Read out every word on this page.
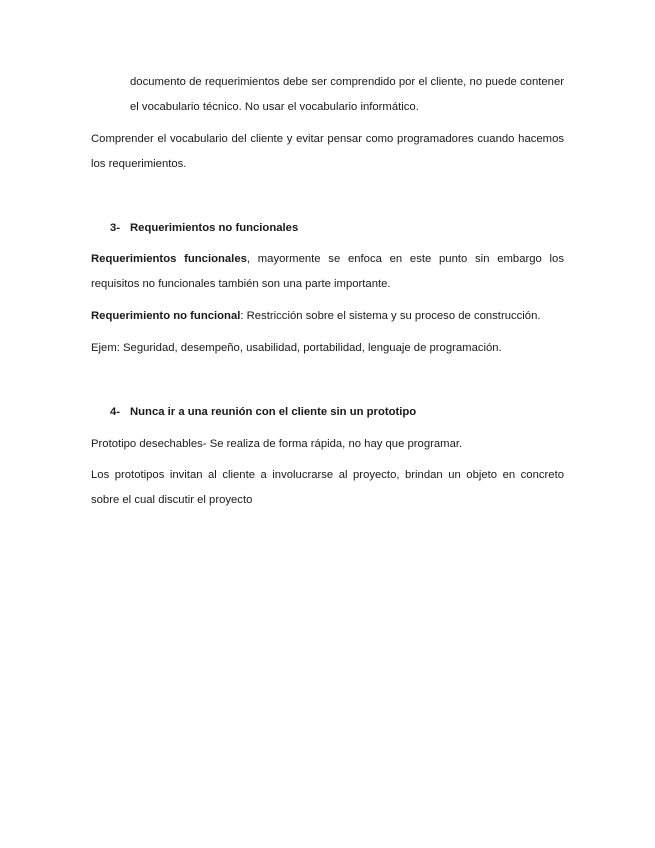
documento de requerimientos debe ser comprendido por el cliente, no puede contener el vocabulario técnico. No usar el vocabulario informático.

Comprender el vocabulario del cliente y evitar pensar como programadores cuando hacemos los requerimientos.

3- Requerimientos no funcionales

Requerimientos funcionales, mayormente se enfoca en este punto sin embargo los requisitos no funcionales también son una parte importante.

Requerimiento no funcional: Restricción sobre el sistema y su proceso de construcción.

Ejem: Seguridad, desempeño, usabilidad, portabilidad, lenguaje de programación.

4- Nunca ir a una reunión con el cliente sin un prototipo

Prototipo desechables- Se realiza de forma rápida, no hay que programar.

Los prototipos invitan al cliente a involucrarse al proyecto, brindan un objeto en concreto sobre el cual discutir el proyecto
